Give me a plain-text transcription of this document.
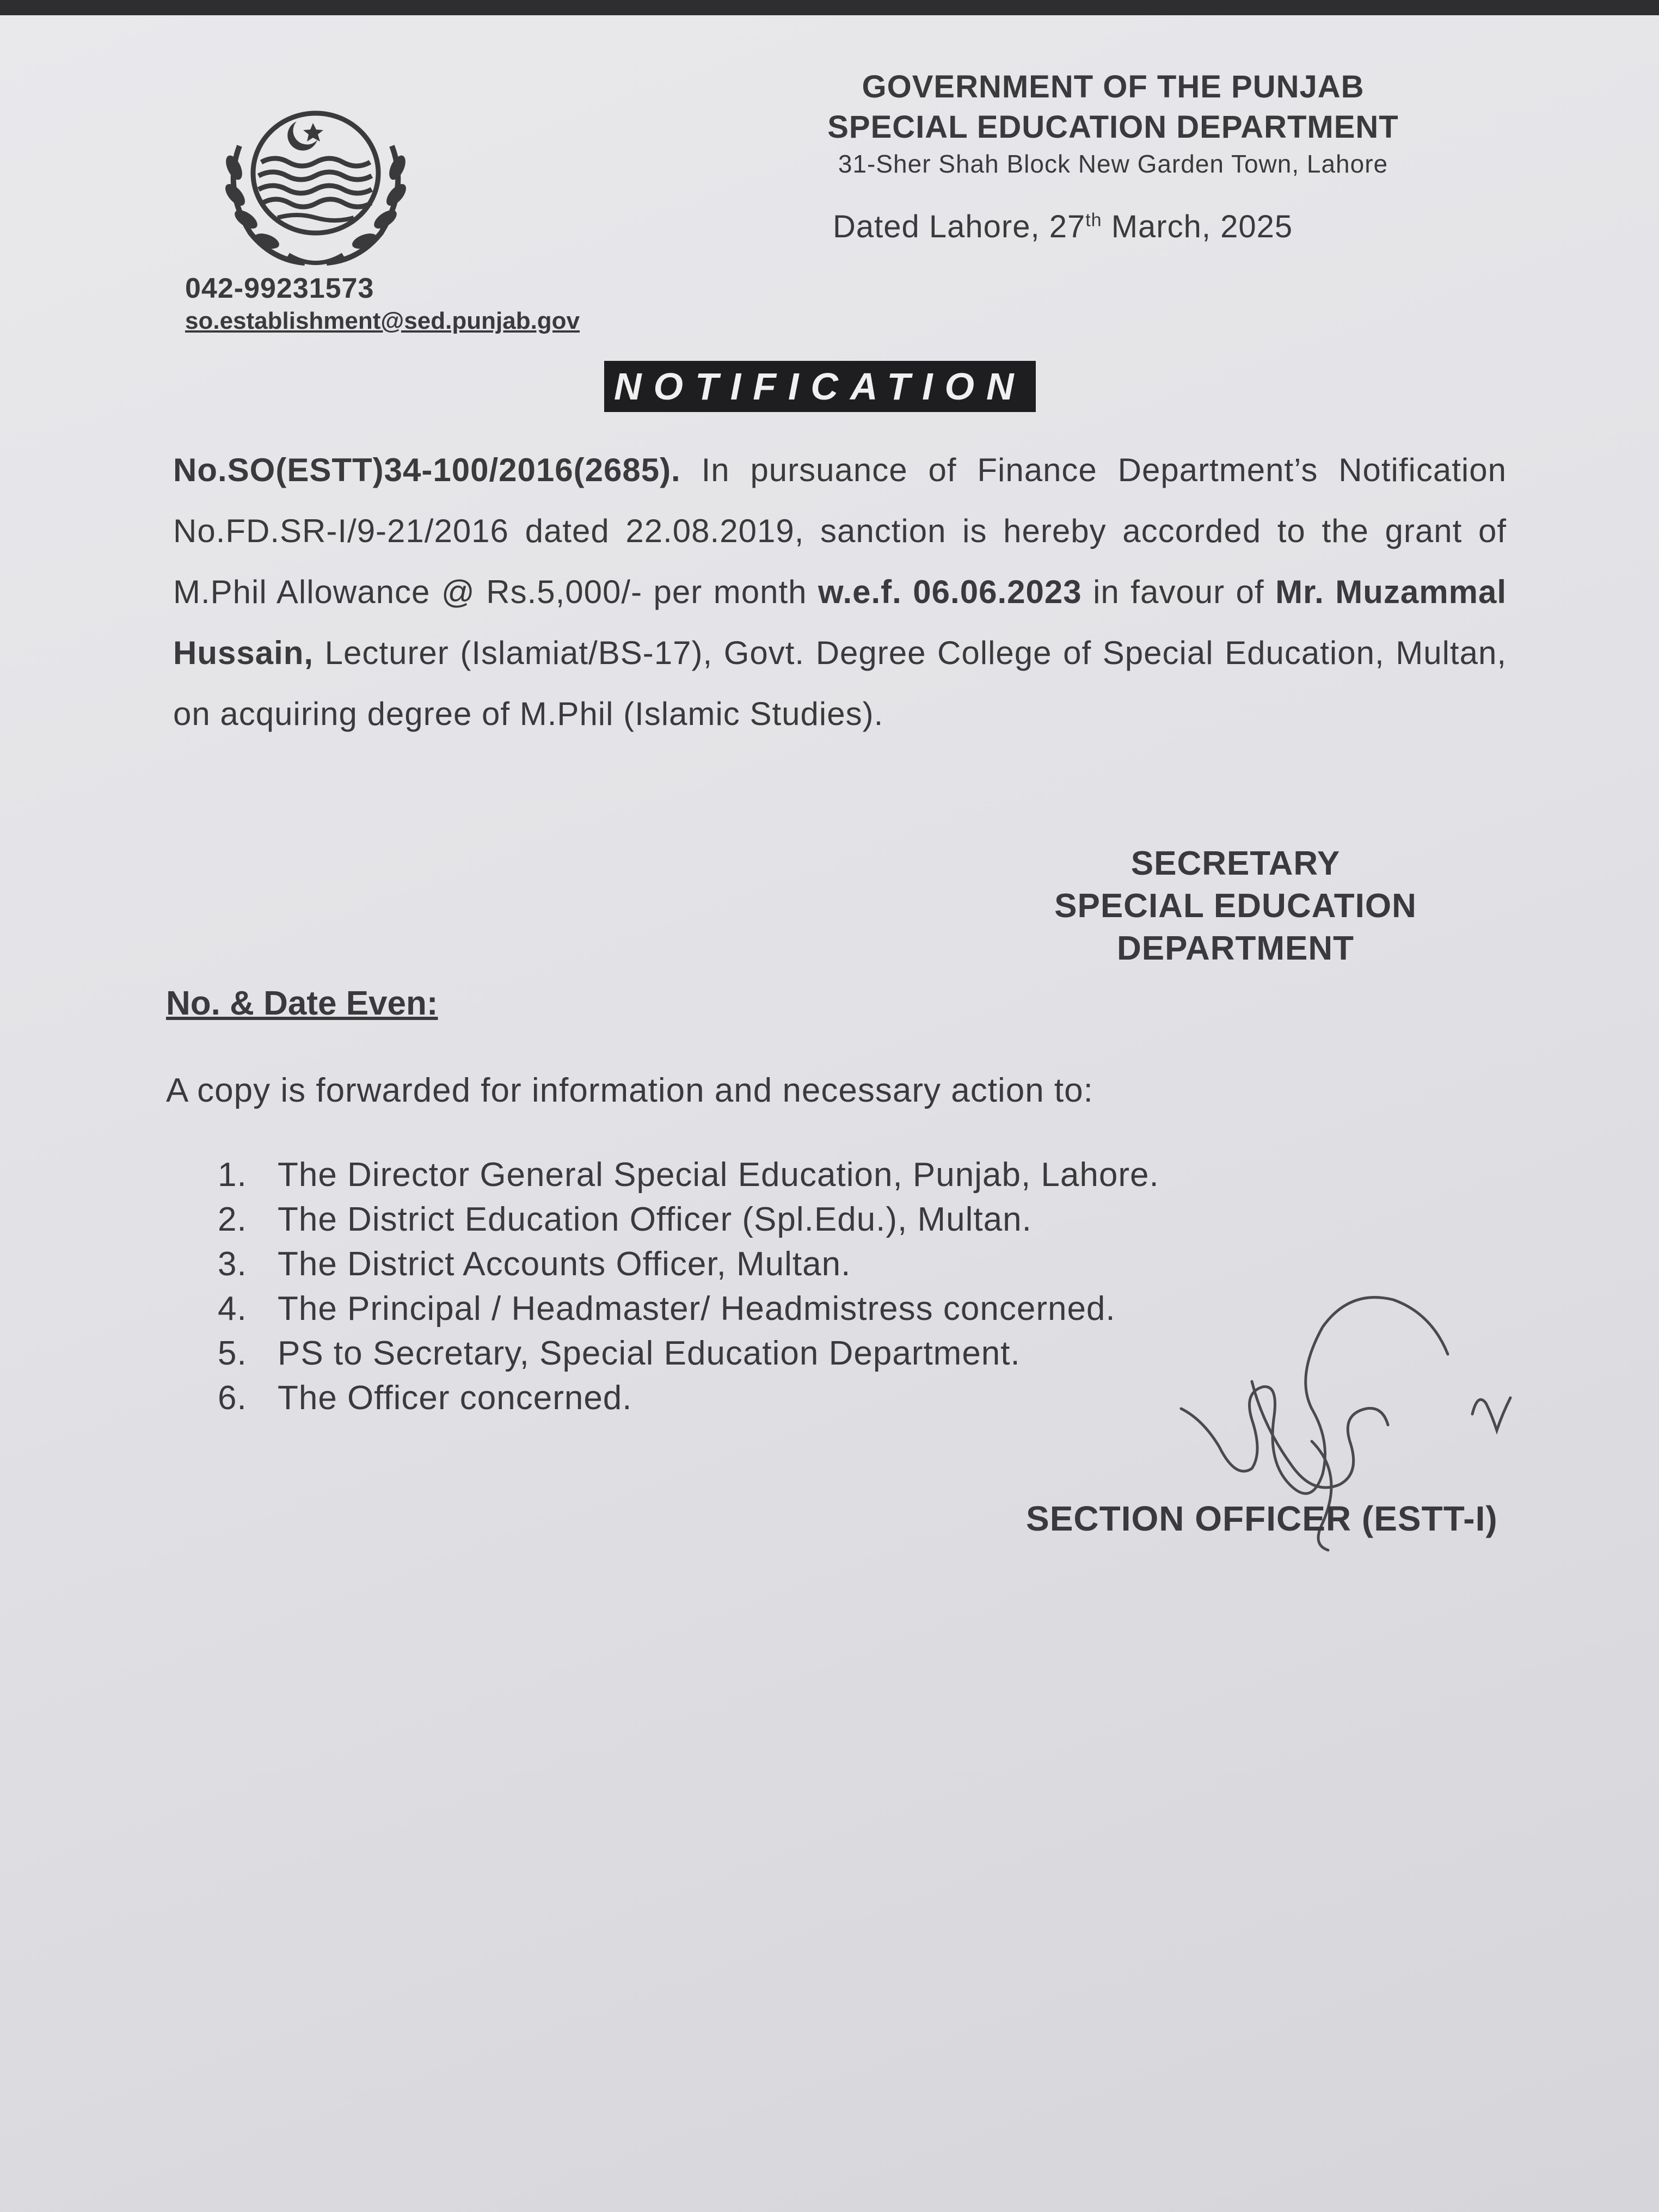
GOVERNMENT OF THE PUNJAB
SPECIAL EDUCATION DEPARTMENT
31-Sher Shah Block New Garden Town, Lahore
Dated Lahore, 27th March, 2025
042-99231573
so.establishment@sed.punjab.gov
NOTIFICATION
No.SO(ESTT)34-100/2016(2685). In pursuance of Finance Department’s Notification No.FD.SR-I/9-21/2016 dated 22.08.2019, sanction is hereby accorded to the grant of M.Phil Allowance @ Rs.5,000/- per month w.e.f. 06.06.2023 in favour of Mr. Muzammal Hussain, Lecturer (Islamiat/BS-17), Govt. Degree College of Special Education, Multan, on acquiring degree of M.Phil (Islamic Studies).
SECRETARY
SPECIAL EDUCATION
DEPARTMENT
No. & Date Even:
A copy is forwarded for information and necessary action to:
1. The Director General Special Education, Punjab, Lahore.
2. The District Education Officer (Spl.Edu.), Multan.
3. The District Accounts Officer, Multan.
4. The Principal / Headmaster/ Headmistress concerned.
5. PS to Secretary, Special Education Department.
6. The Officer concerned.
SECTION OFFICER (ESTT-I)
